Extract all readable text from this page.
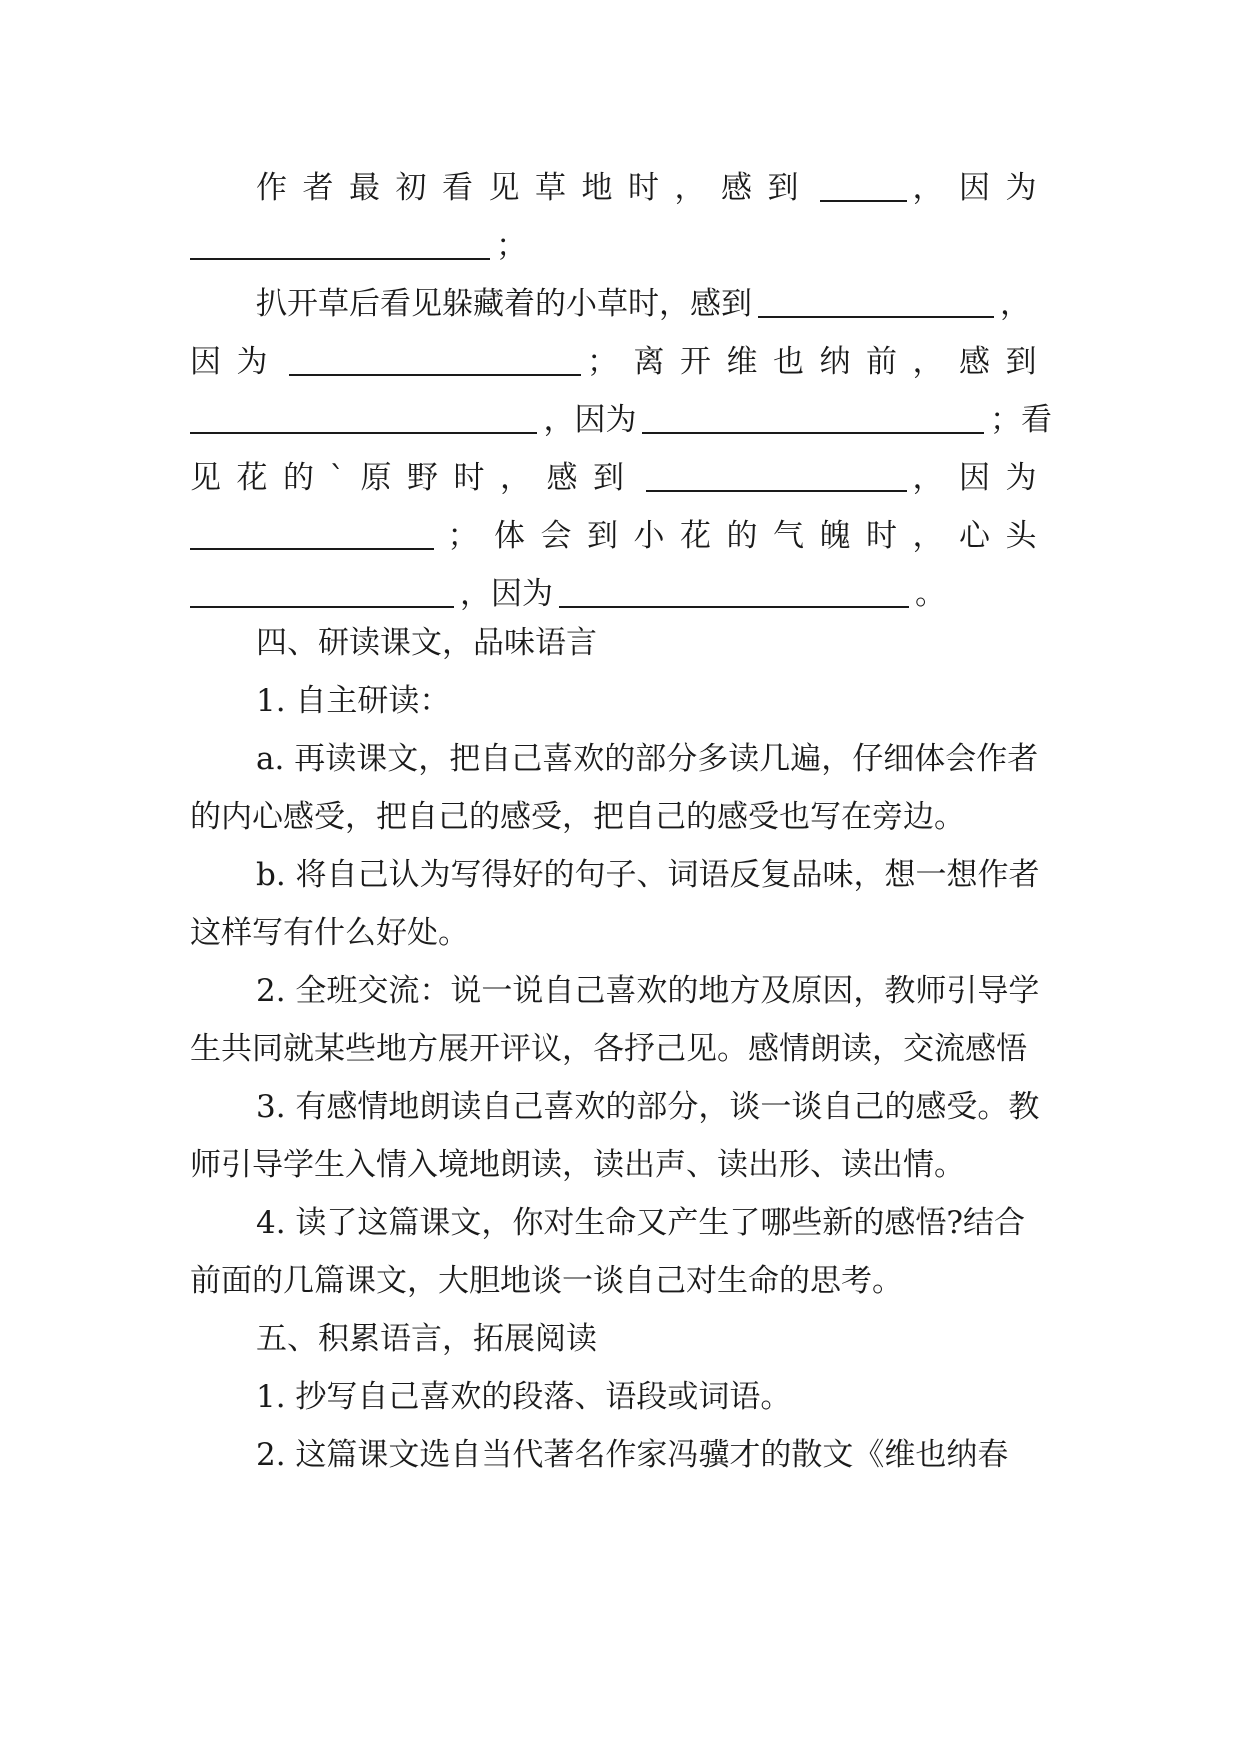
作者最初看见草地时，感到	，因为
；
扒开草后看见躲藏着的小草时，感到	，
因为	；离开维也纳前，感到
，因为	；看
见花的`原野时，感到	，因为
；体会到小花的气魄时，心头
，因为	。

四、研读课文，品味语言

1. 自主研读：

a. 再读课文，把自己喜欢的部分多读几遍，仔细体会作者的内心感受，把自己的感受，把自己的感受也写在旁边。

b. 将自己认为写得好的句子、词语反复品味，想一想作者这样写有什么好处。

2. 全班交流：说一说自己喜欢的地方及原因，教师引导学生共同就某些地方展开评议，各抒己见。感情朗读，交流感悟

3. 有感情地朗读自己喜欢的部分，谈一谈自己的感受。教师引导学生入情入境地朗读，读出声、读出形、读出情。

4. 读了这篇课文，你对生命又产生了哪些新的感悟?结合前面的几篇课文，大胆地谈一谈自己对生命的思考。

五、积累语言，拓展阅读

1. 抄写自己喜欢的段落、语段或词语。

2. 这篇课文选自当代著名作家冯骥才的散文《维也纳春
